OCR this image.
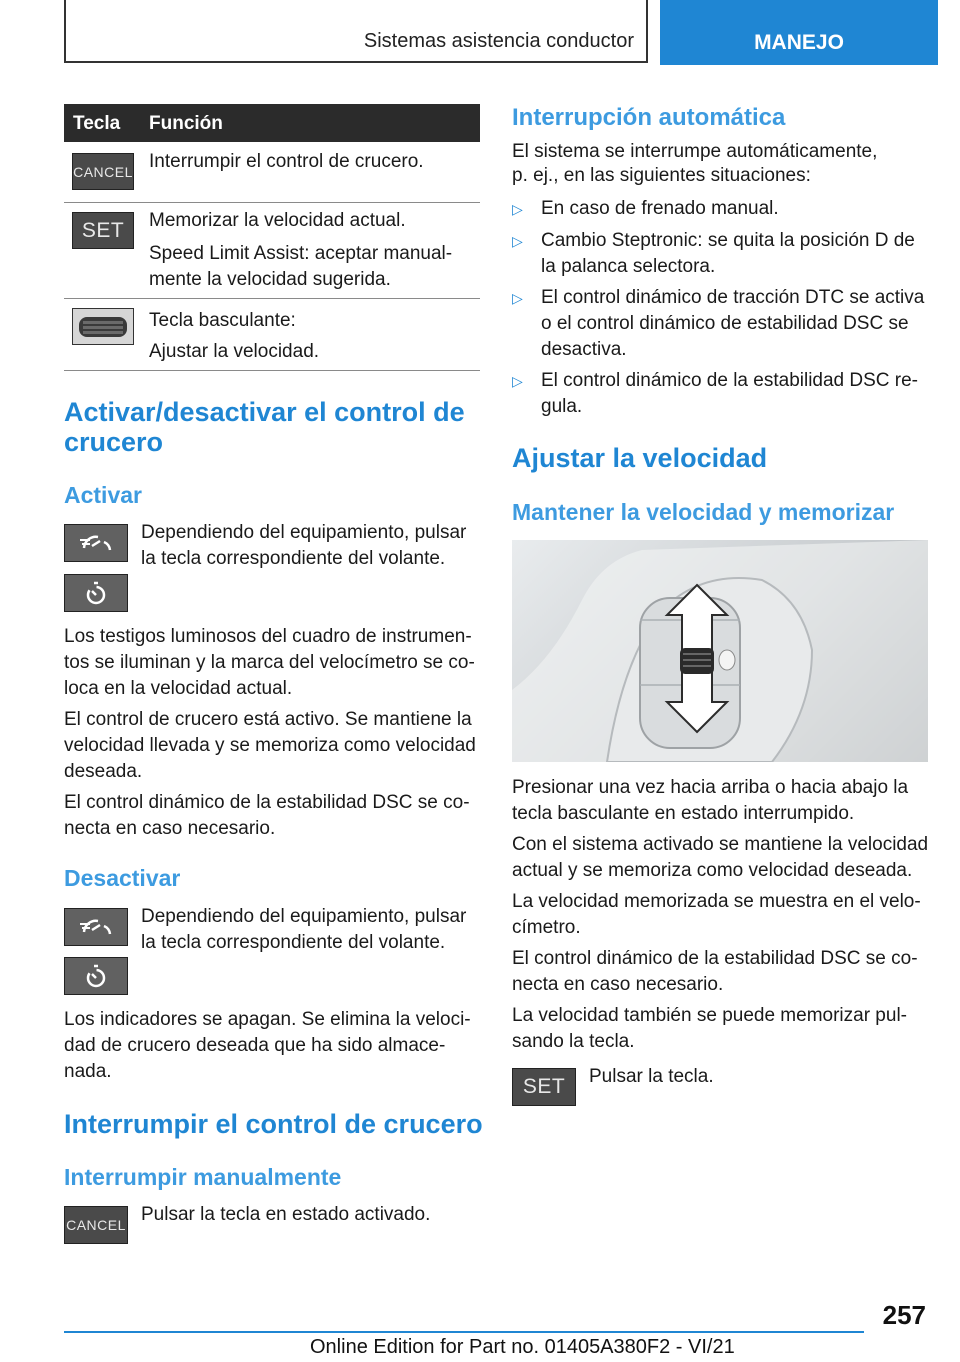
Sistemas asistencia conductor	MANEJO
Tecla Función
CANCEL Interrumpir el control de crucero.
SET Memorizar la velocidad actual.
Speed Limit Assist: aceptar manual-
mente la velocidad sugerida.
Tecla basculante:
Ajustar la velocidad.
Activar/desactivar el control de
crucero
Activar
Dependiendo del equipamiento, pulsar
la tecla correspondiente del volante.
Los testigos luminosos del cuadro de instrumen-
tos se iluminan y la marca del velocímetro se co-
loca en la velocidad actual.
El control de crucero está activo. Se mantiene la
velocidad llevada y se memoriza como velocidad
deseada.
El control dinámico de la estabilidad DSC se co-
necta en caso necesario.
Desactivar
Dependiendo del equipamiento, pulsar
la tecla correspondiente del volante.
Los indicadores se apagan. Se elimina la veloci-
dad de crucero deseada que ha sido almace-
nada.
Interrumpir el control de crucero
Interrumpir manualmente
CANCEL Pulsar la tecla en estado activado.
Interrupción automática
El sistema se interrumpe automáticamente,
p. ej., en las siguientes situaciones:
▷ En caso de frenado manual.
▷ Cambio Steptronic: se quita la posición D de
la palanca selectora.
▷ El control dinámico de tracción DTC se activa
o el control dinámico de estabilidad DSC se
desactiva.
▷ El control dinámico de la estabilidad DSC re-
gula.
Ajustar la velocidad
Mantener la velocidad y memorizar
Presionar una vez hacia arriba o hacia abajo la
tecla basculante en estado interrumpido.
Con el sistema activado se mantiene la velocidad
actual y se memoriza como velocidad deseada.
La velocidad memorizada se muestra en el velo-
címetro.
El control dinámico de la estabilidad DSC se co-
necta en caso necesario.
La velocidad también se puede memorizar pul-
sando la tecla.
SET Pulsar la tecla.
257
Online Edition for Part no. 01405A380F2 - VI/21
